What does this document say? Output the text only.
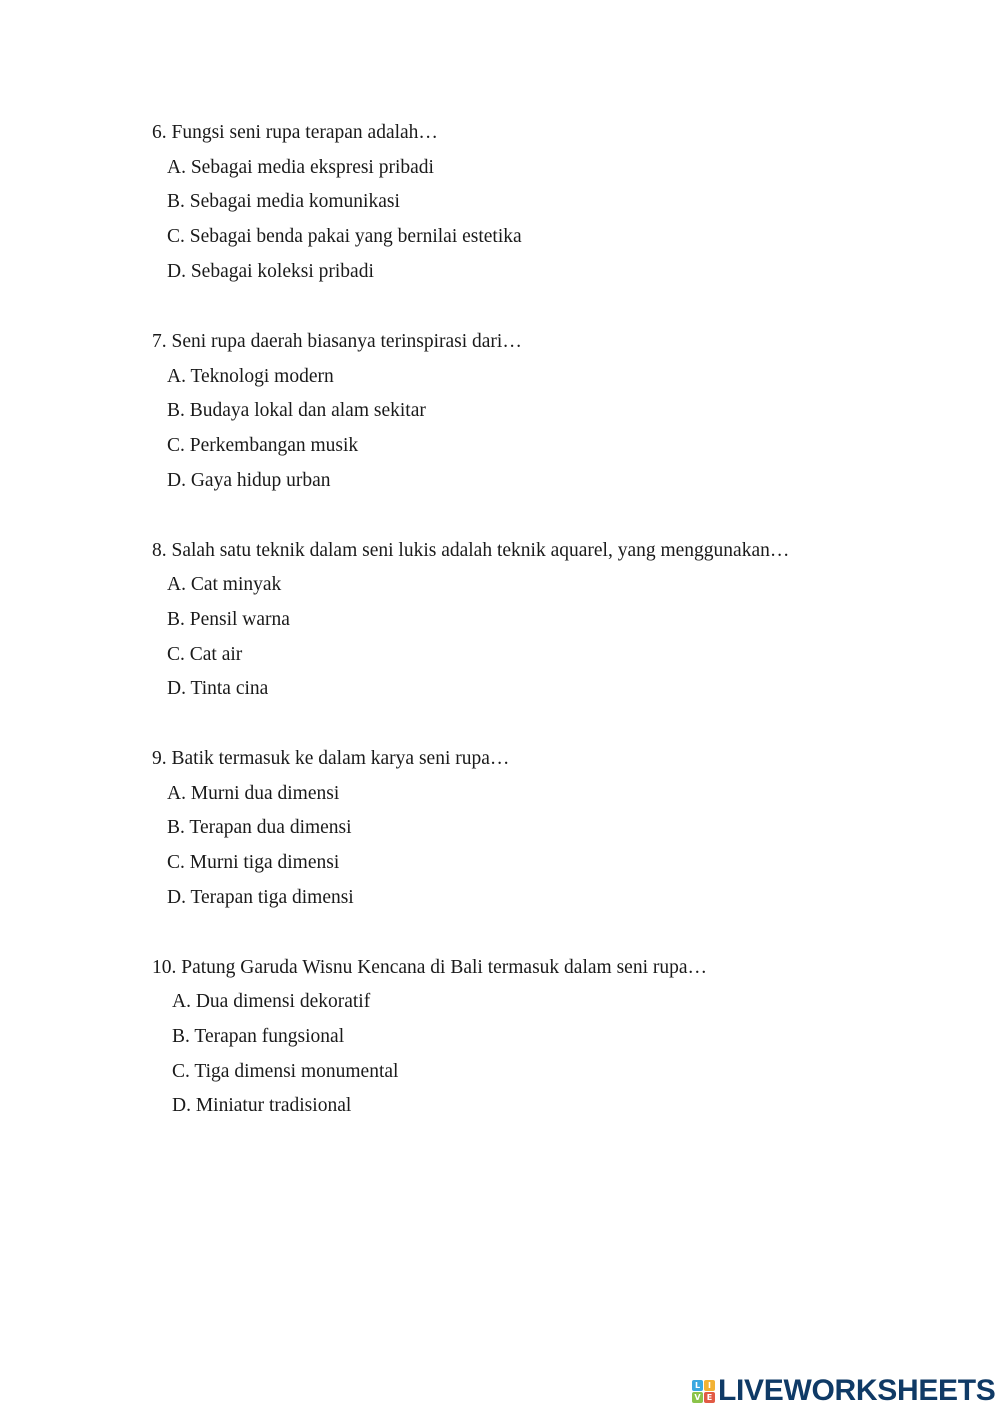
6. Fungsi seni rupa terapan adalah…
A. Sebagai media ekspresi pribadi
B. Sebagai media komunikasi
C. Sebagai benda pakai yang bernilai estetika
D. Sebagai koleksi pribadi
7. Seni rupa daerah biasanya terinspirasi dari…
A. Teknologi modern
B. Budaya lokal dan alam sekitar
C. Perkembangan musik
D. Gaya hidup urban
8. Salah satu teknik dalam seni lukis adalah teknik aquarel, yang menggunakan…
A. Cat minyak
B. Pensil warna
C. Cat air
D. Tinta cina
9. Batik termasuk ke dalam karya seni rupa…
A. Murni dua dimensi
B. Terapan dua dimensi
C. Murni tiga dimensi
D. Terapan tiga dimensi
10. Patung Garuda Wisnu Kencana di Bali termasuk dalam seni rupa…
A. Dua dimensi dekoratif
B. Terapan fungsional
C. Tiga dimensi monumental
D. Miniatur tradisional
L I
V E LIVEWORKSHEETS
